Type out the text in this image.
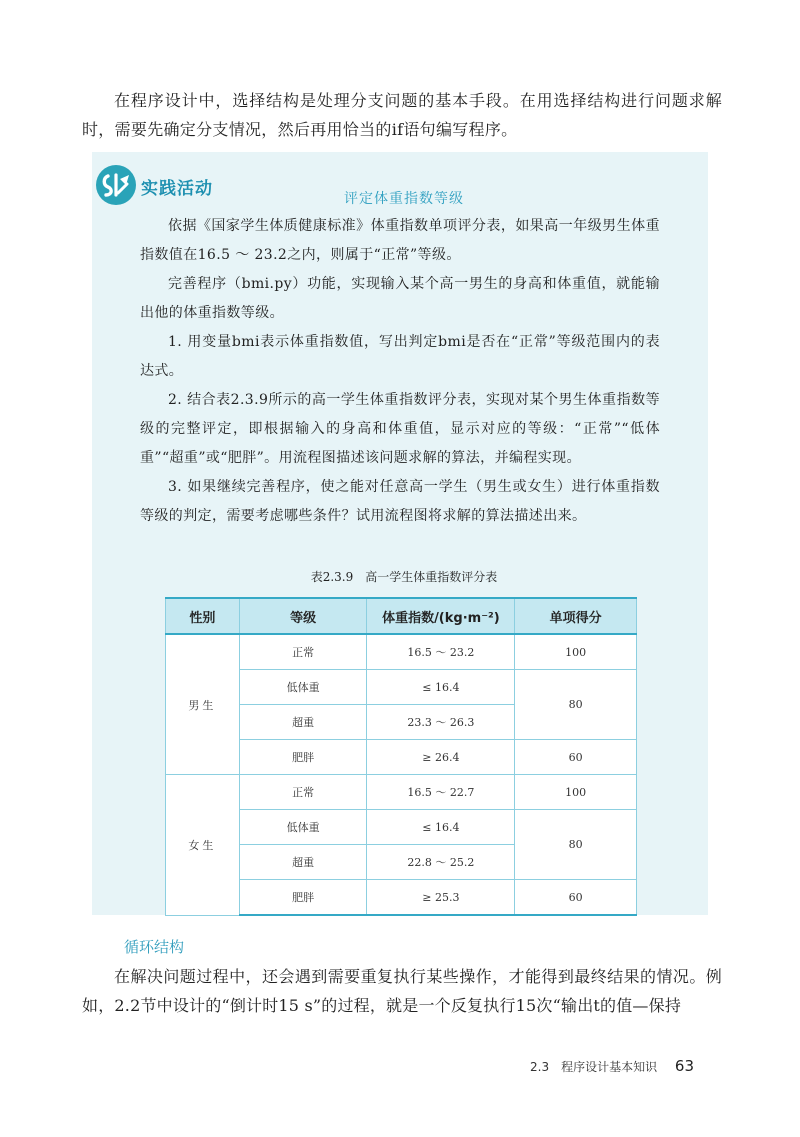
在程序设计中，选择结构是处理分支问题的基本手段。在用选择结构进行问题求解时，需要先确定分支情况，然后再用恰当的if语句编写程序。
实践活动	评定体重指数等级

依据《国家学生体质健康标准》体重指数单项评分表，如果高一年级男生体重指数值在16.5 ～ 23.2之内，则属于“正常”等级。

完善程序（bmi.py）功能，实现输入某个高一男生的身高和体重值，就能输出他的体重指数等级。

1. 用变量bmi表示体重指数值，写出判定bmi是否在“正常”等级范围内的表达式。

2. 结合表2.3.9所示的高一学生体重指数评分表，实现对某个男生体重指数等级的完整评定，即根据输入的身高和体重值，显示对应的等级：“正常”“低体重”“超重”或“肥胖”。用流程图描述该问题求解的算法，并编程实现。

3. 如果继续完善程序，使之能对任意高一学生（男生或女生）进行体重指数等级的判定，需要考虑哪些条件？试用流程图将求解的算法描述出来。

表2.3.9　高一学生体重指数评分表
性别	等级	体重指数/(kg·m⁻²)	单项得分
男生	正常	16.5 ～ 23.2	100
	低体重	≤ 16.4	80
	超重	23.3 ～ 26.3	
	肥胖	≥ 26.4	60
女生	正常	16.5 ～ 22.7	100
	低体重	≤ 16.4	80
	超重	22.8 ～ 25.2	
	肥胖	≥ 25.3	60
循环结构
在解决问题过程中，还会遇到需要重复执行某些操作，才能得到最终结果的情况。例如，2.2节中设计的“倒计时15 s”的过程，就是一个反复执行15次“输出t的值—保持
2.3　程序设计基本知识 63
